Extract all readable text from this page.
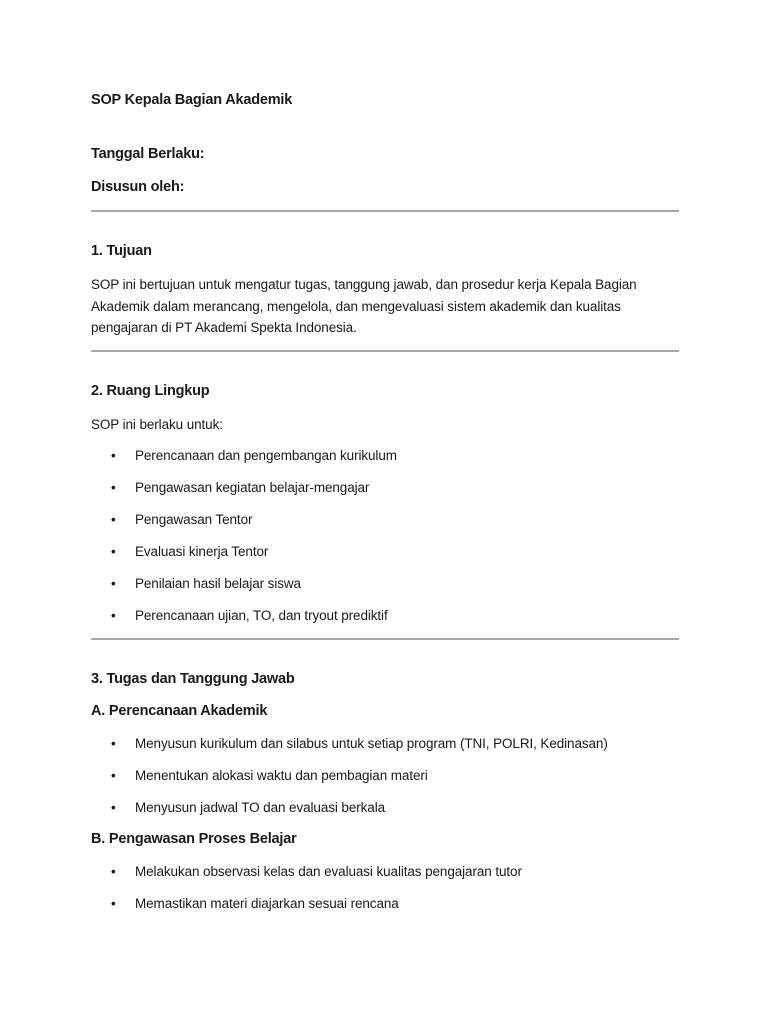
SOP Kepala Bagian Akademik
Tanggal Berlaku:
Disusun oleh:
1. Tujuan
SOP ini bertujuan untuk mengatur tugas, tanggung jawab, dan prosedur kerja Kepala Bagian Akademik dalam merancang, mengelola, dan mengevaluasi sistem akademik dan kualitas pengajaran di PT Akademi Spekta Indonesia.
2. Ruang Lingkup
SOP ini berlaku untuk:
• Perencanaan dan pengembangan kurikulum
• Pengawasan kegiatan belajar-mengajar
• Pengawasan Tentor
• Evaluasi kinerja Tentor
• Penilaian hasil belajar siswa
• Perencanaan ujian, TO, dan tryout prediktif
3. Tugas dan Tanggung Jawab
A. Perencanaan Akademik
• Menyusun kurikulum dan silabus untuk setiap program (TNI, POLRI, Kedinasan)
• Menentukan alokasi waktu dan pembagian materi
• Menyusun jadwal TO dan evaluasi berkala
B. Pengawasan Proses Belajar
• Melakukan observasi kelas dan evaluasi kualitas pengajaran tutor
• Memastikan materi diajarkan sesuai rencana
